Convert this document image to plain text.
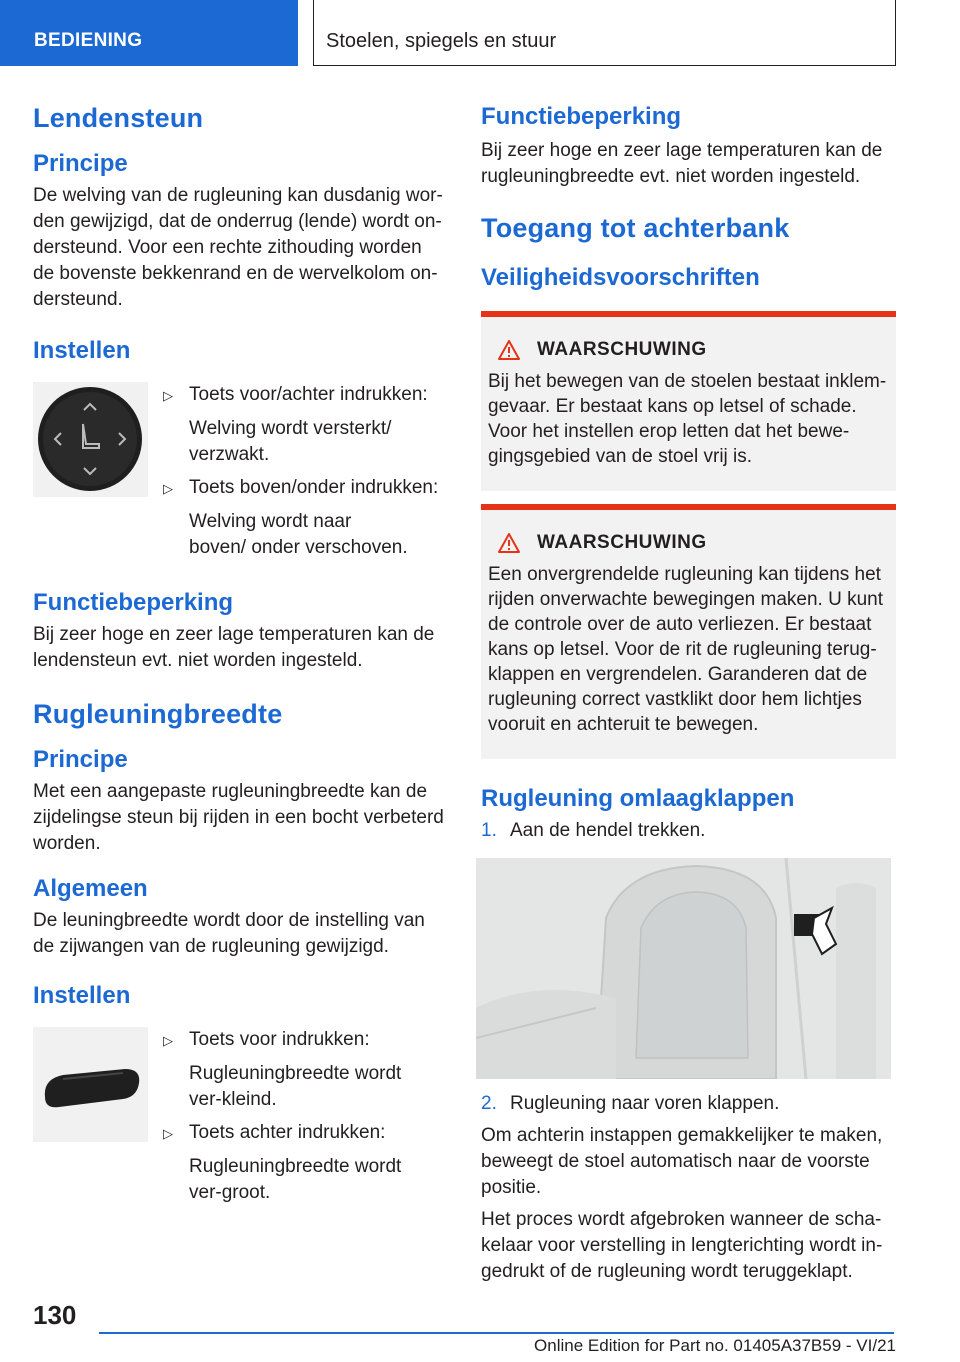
BEDIENING	Stoelen, spiegels en stuur
Lendensteun
Principe

De welving van de rugleuning kan dusdanig wor-den gewijzigd, dat de onderrug (lende) wordt on-dersteund. Voor een rechte zithouding worden de bovenste bekkenrand en de wervelkolom on-dersteund.

Instellen
▷ Toets voor/achter indrukken:
Welving wordt versterkt/ verzwakt.
▷ Toets boven/onder indrukken:
Welving wordt naar boven/ onder verschoven.
Functiebeperking

Bij zeer hoge en zeer lage temperaturen kan de lendensteun evt. niet worden ingesteld.

Rugleuningbreedte
Principe

Met een aangepaste rugleuningbreedte kan de zijdelingse steun bij rijden in een bocht verbeterd worden.

Algemeen

De leuningbreedte wordt door de instelling van de zijwangen van de rugleuning gewijzigd.

Instellen
▷ Toets voor indrukken:
Rugleuningbreedte wordt ver-kleind.
▷ Toets achter indrukken:
Rugleuningbreedte wordt ver-groot.
Functiebeperking

Bij zeer hoge en zeer lage temperaturen kan de rugleuningbreedte evt. niet worden ingesteld.

Toegang tot achterbank
Veiligheidsvoorschriften
WAARSCHUWING

Bij het bewegen van de stoelen bestaat inklem-gevaar. Er bestaat kans op letsel of schade. Voor het instellen erop letten dat het bewe-gingsgebied van de stoel vrij is.

WAARSCHUWING

Een onvergrendelde rugleuning kan tijdens het rijden onverwachte bewegingen maken. U kunt de controle over de auto verliezen. Er bestaat kans op letsel. Voor de rit de rugleuning terug-klappen en vergrendelen. Garanderen dat de rugleuning correct vastklikt door hem lichtjes vooruit en achteruit te bewegen.

Rugleuning omlaagklappen
1. Aan de hendel trekken.
2. Rugleuning naar voren klappen.

Om achterin instappen gemakkelijker te maken, beweegt de stoel automatisch naar de voorste positie.

Het proces wordt afgebroken wanneer de scha-kelaar voor verstelling in lengterichting wordt in-gedrukt of de rugleuning wordt teruggeklapt.

130
Online Edition for Part no. 01405A37B59 - VI/21
